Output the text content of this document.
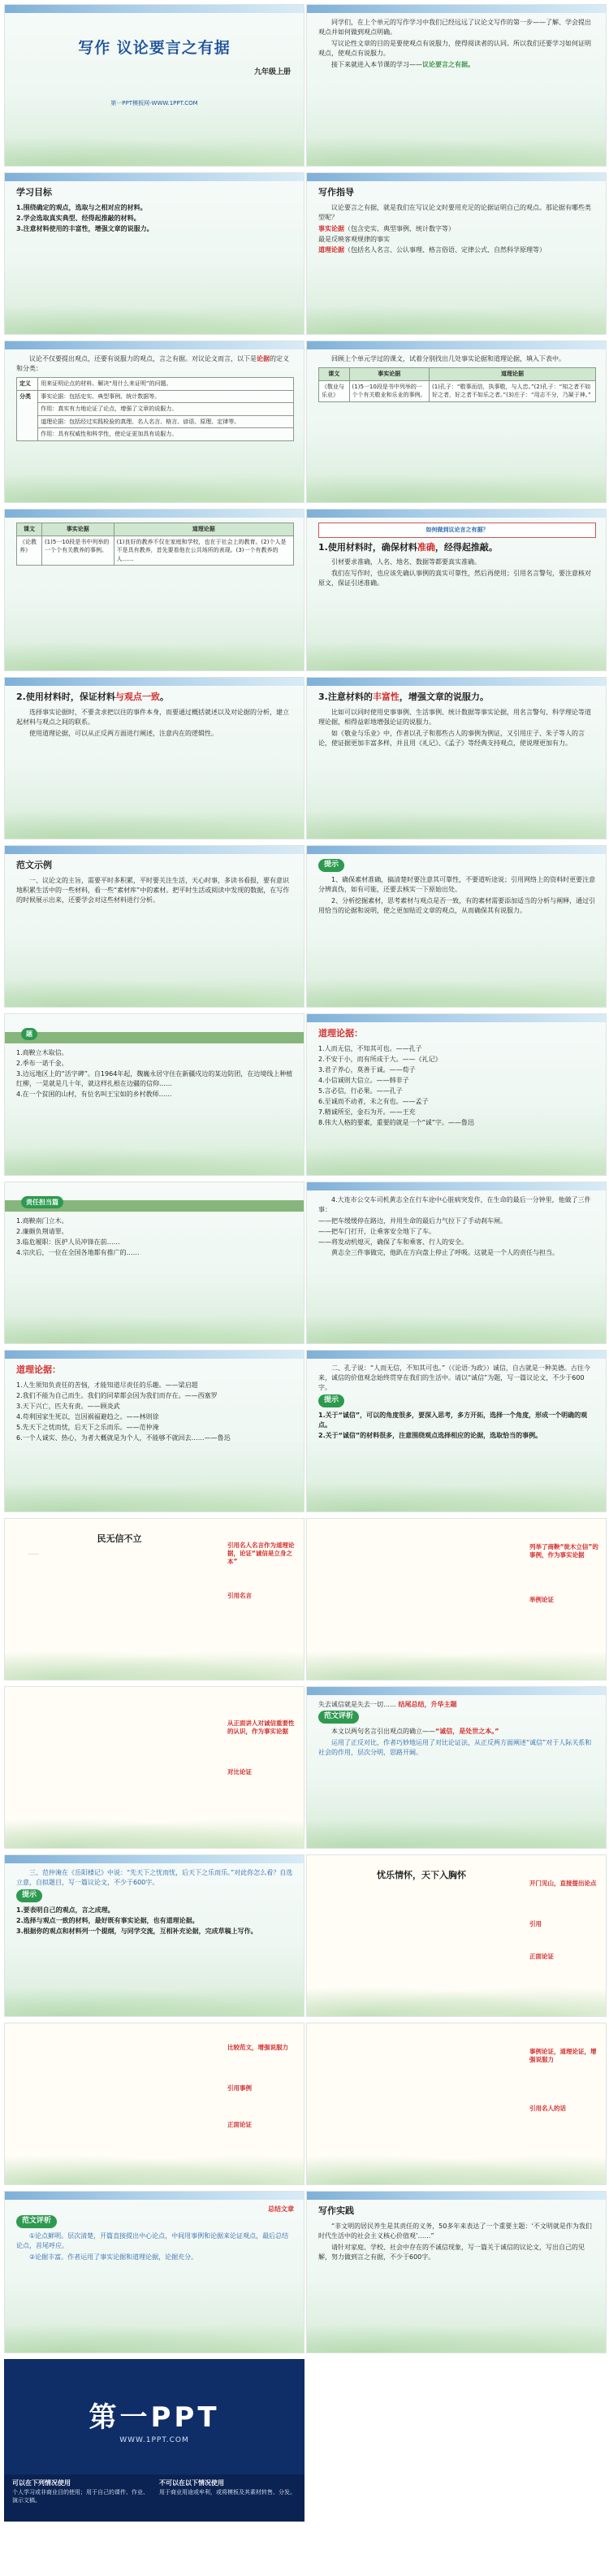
写作 议论要言之有据
九年级上册
第一PPT模板网-WWW.1PPT.COM
同学们，在上个单元的写作学习中我们已经远远了议论文写作的第一步——了解、学会提出观点并如何做到观点明确。
写议论性文章的目的是要使观点有说服力，使得阅读者的认同。所以我们还要学习如何证明观点，使观点有说服力。
接下来就进入本节课的学习——议论要言之有据。
学习目标
1.围绕确定的观点，选取与之相对应的材料。
2.学会选取真实典型、经得起推敲的材料。
3.注意材料使用的丰富性，增强文章的说服力。
写作指导
议论要言之有据，就是我们在写议论文时要用充足的论据证明自己的观点。那论据有哪些类型呢？
事实论据（包含史实、典型事例、统计数字等）
最是反映客观规律的事实
道理论据（包括名人名言、公认事理、格言俗语、定律公式、自然科学原理等）
议论不仅要提出观点，还要有说服力的观点，言之有据。对议论文而言，以下是论据的定义和分类：
定义	用来证明论点的材料。解决“用什么来证明”的问题。
分类	事实论据：包括史实、典型事例、统计数据等。
	作用：真实有力地论证了论点，增强了文章的说服力。
	道理论据：包括经过实践检验的真理、名人名言、格言、谚语、原理、定律等。
	作用：具有权威性和科学性，使论证更加具有说服力。
回顾上个单元学过的课文，试着分别找出几处事实论据和道理论据，填入下表中。
课文	事实论据	道理论据
《敬业与乐业》	(1)5一10段是书中列举的一个个有关敬业和乐业的事例。	(1)孔子：“敬事而信，执事敬，与人忠。”(2)孔子：“知之者不如好之者，好之者不如乐之者。”(3)庄子：“用志不分，乃凝于神。”
课文	事实论据	道理论据
《论教养》	(1)5一10段是书中列举的一个个有关教养的事例。	(1)良好的教养不仅在家庭和学校，也在于社会上的教育。(2)个人是不是具有教养，首先要看他在公共场所的表现。(3)一个有教养的人……
如何做到议论言之有据？
1.使用材料时，确保材料准确，经得起推敲。
引材要求准确，人名、地名、数据等都要真实准确。
我们在写作时，也应该先确认事例的真实可靠性，然后再使用；引用名言警句，要注意核对原文，保证引述准确。
2.使用材料时，保证材料与观点一致。
选择事实论据时，不要贪求把以往的事件本身，而要通过概括就述以及对论据的分析，建立起材料与观点之间的联系。
使用道理论据，可以从正反两方面进行阐述，注意内在的逻辑性。
3.注意材料的丰富性，增强文章的说服力。
比如可以同时使用史事事例、生活事例、统计数据等事实论据，用名言警句、科学理论等道理论据，相得益彰地增强论证的说服力。
如《敬业与乐业》中，作者以孔子和那些古人的事例为例证，又引用庄子、朱子等人的言论，使证据更加丰富多样，并且用《礼记》、《孟子》等经典支持观点，使说理更加有力。
范文示例
一、议论文的主旨，需要平时多积累，平时要关注生活，天心时事，多读书看报，要有意识地积累生活中的一些材料，看一些“素材库”中的素材。把平时生活或阅读中发现的数据，在写作的时候展示出来，还要学会对这些材料进行分析。
提示
1、确保素材准确，搞清楚时要注意其可靠性，不要道听途说；引用网络上的资料时更要注意分辨真伪，如有可能，还要去核实一下原始出处。
2、分析挖掘素材，思考素材与观点是否一致，有的素材需要添加适当的分析与阐释，通过引用恰当的论据和说明，使之更加贴近文章的观点，从而确保其有说服力。
题
1.商鞅立木取信。
2.季布一诺千金。
3.边远地区上的“活字碑”。自1964年起，魏巍永居守住在新疆戍边的某边防团，在边境线上种植红柳，一晃就是几十年，就这样扎根在边疆的信仰……
4.在一个贫困的山村，有位名叫王宝如的乡村教师……
道理论据：
1.人而无信，不知其可也。——孔子
2.不安于小，而有所成于大。——《礼记》
3.君子养心，莫善于诚。——荀子
4.小信诚则大信立。——韩非子
5.言必信，行必果。——孔子
6.至诚而不动者，未之有也。——孟子
7.精诚所至，金石为开。——王充
8.伟大人格的要素，重要的就是一个“诚”字。——鲁迅
责任担当篇
1.商鞅南门立木。
2.廉颇负荆请罪。
3.临危履职：医护人员冲锋在前……
4.宗庆后，一位在全国各地都有推广的……
4.大连市公交车司机黄志全在行车途中心脏病突发作，在生命的最后一分钟里，他做了三件事：
——把车缓缓停在路边，并用生命的最后力气拉下了手动刹车闸。
——把车门打开，让乘客安全地下了车。
——将发动机熄灭，确保了车和乘客、行人的安全。
黄志全三件事做完，他趴在方向盘上停止了呼吸。这就是一个人的责任与担当。
道理论据：
1.人生须知负责任的苦恼，才能知道尽责任的乐趣。——梁启超
2.我们不能为自己而生。我们的同辈都会因为我们而存在。——西塞罗
3.天下兴亡，匹夫有责。——顾炎武
4.苟利国家生死以，岂因祸福避趋之。——林则徐
5.先天下之忧而忧，后天下之乐而乐。——范仲淹
6.一个人诚实、热心，为者大概就是为个人，不能够不就回去……——鲁迅
二、孔子说：“人而无信，不知其可也。”（《论语·为政》）诚信，自古就是一种美德。古往今来，诚信的价值观念始终贯穿在我们的生活中。请以“诚信”为题，写一篇议论文，不少于600字。
提示
1.关于“诚信”，可以的角度很多，要深入思考，多方开拓，选择一个角度，形成一个明确的观点。
2.关于“诚信”的材料很多，注意围绕观点选择相应的论据，选取恰当的事例。
民无信不立
……
引用名人名言作为道理论据，论证“诚信是立身之本”
引用名言
列举了商鞅“徙木立信”的事例，作为事实论据
举例论证
从正面讲人对诚信重要性的认识，作为事实论据
对比论证
失去诚信就是失去一切…… 结尾总结，升华主题
范文评析
本文以两句名言引出观点的确立——“诚信，是处世之本。”
运用了正反对比，作者巧妙地运用了对比论证法，从正反两方面阐述“诚信”对于人际关系和社会的作用，层次分明，思路开阔。
三、范仲淹在《岳阳楼记》中说：“先天下之忧而忧，后天下之乐而乐。”对此你怎么看？自选立意，自拟题目，写一篇议论文，不少于600字。
提示
1.要表明自己的观点，言之成理。
2.选择与观点一致的材料，最好既有事实论据，也有道理论据。
3.根据你的观点和材料列一个提纲，与同学交流，互相补充论据，完成草稿上写作。
忧乐情怀，天下入胸怀
开门见山，直接提出论点
引用
正面论证
比较范文，增强说服力
引用事例
正面论证
事例论证，道理论证，增强说服力
引用名人的话
总结文章
范文评析
①论点鲜明。层次清楚，开篇直接提出中心论点，中间用事例和论据来论证观点，最后总结论点，首尾呼应。
②论据丰富。作者运用了事实论据和道理论据，论据充分。
写作实践
“非文明的居民养生是其责任的义务，50多年来表达了一个重要主题：‘不文明就是作为我们时代生活中的社会主义核心价值观’……”
请针对家庭、学校、社会中存在的不诚信现象，写一篇关于诚信的议论文，写出自己的见解，努力做到言之有据，不少于600字。
第一PPT
WWW.1PPT.COM
可以在下列情况使用
个人学习或非商业目的使用；用于自己的课件、作业、演示文稿。
不可以在以下情况使用
用于商业用途或牟利，或将模板及其素材转售、分发。
